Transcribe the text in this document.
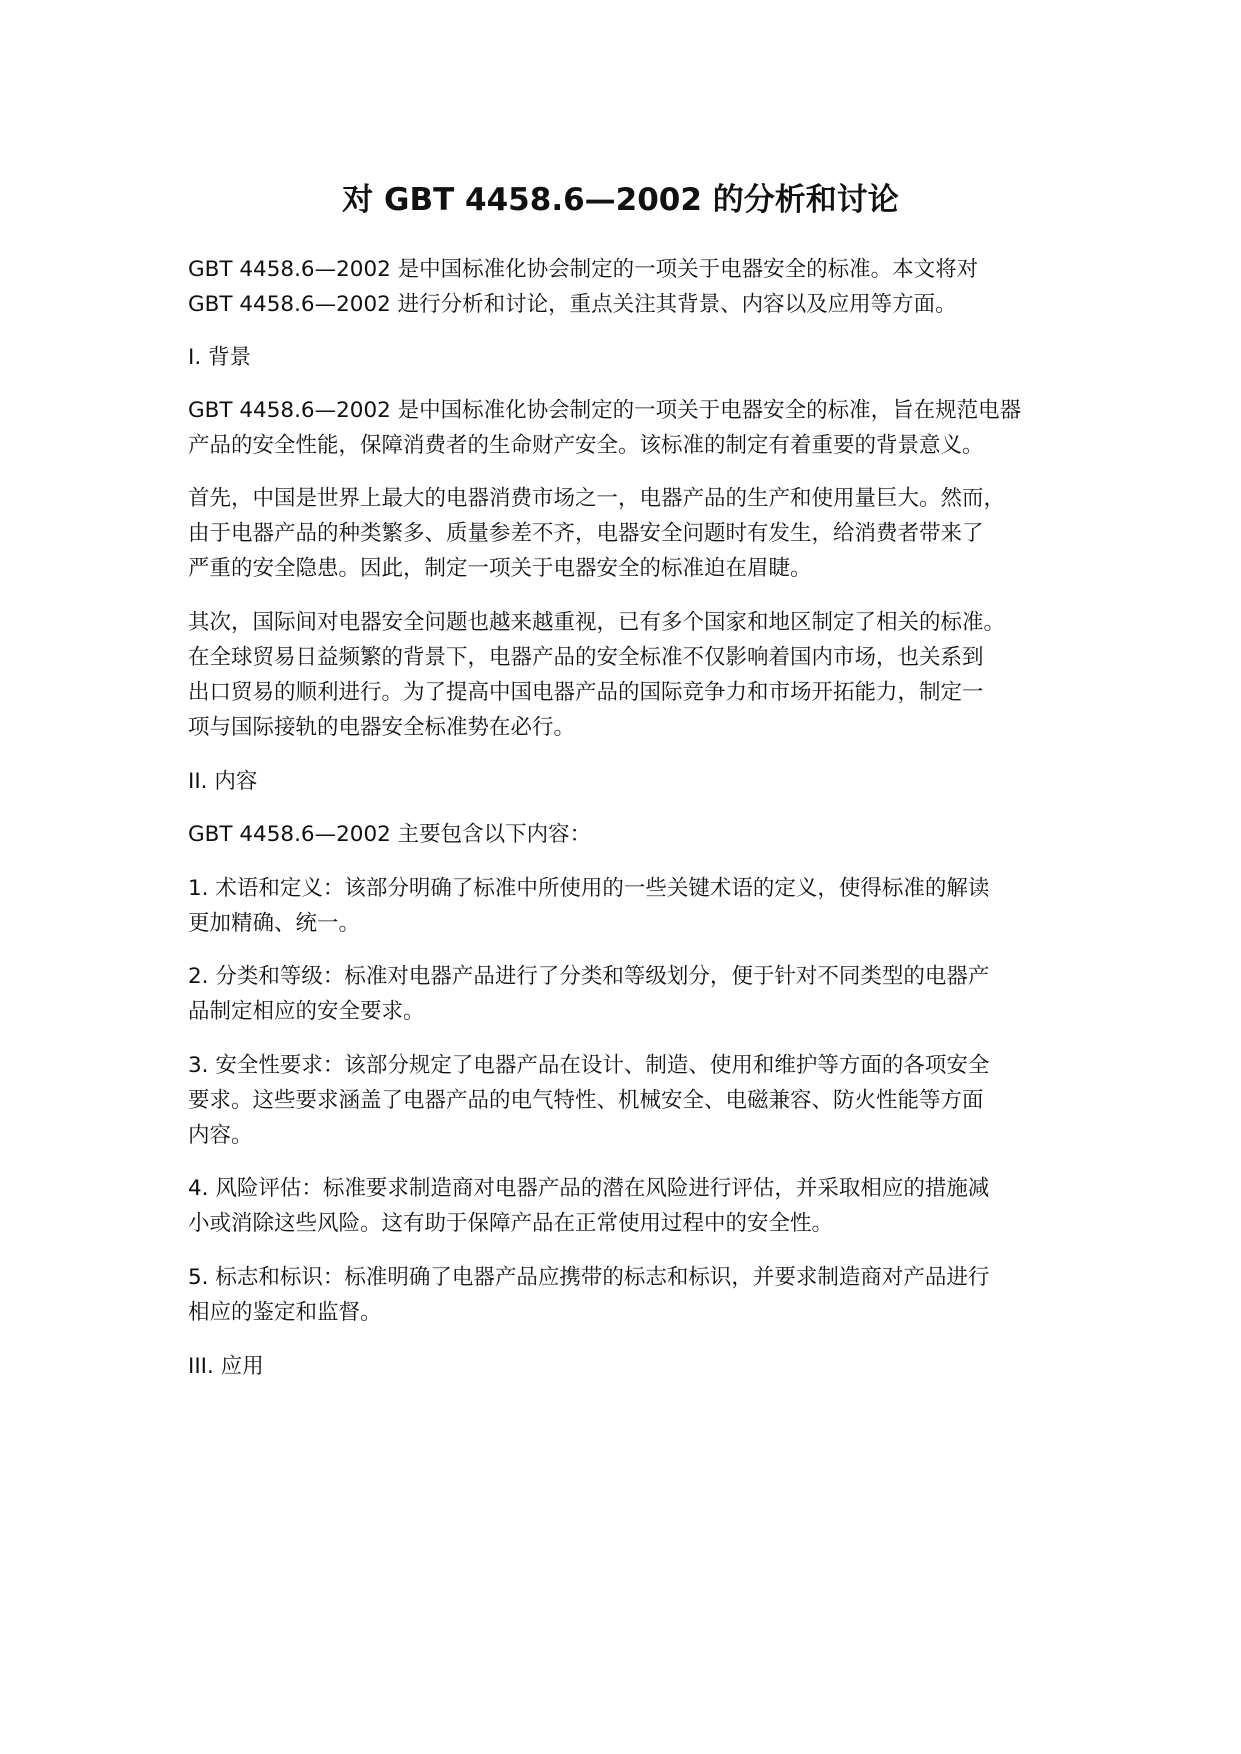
对 GBT 4458.6—2002 的分析和讨论
GBT 4458.6—2002 是中国标准化协会制定的一项关于电器安全的标准。本文将对
GBT 4458.6—2002 进行分析和讨论，重点关注其背景、内容以及应用等方面。
I. 背景
GBT 4458.6—2002 是中国标准化协会制定的一项关于电器安全的标准，旨在规范电器
产品的安全性能，保障消费者的生命财产安全。该标准的制定有着重要的背景意义。
首先，中国是世界上最大的电器消费市场之一，电器产品的生产和使用量巨大。然而，
由于电器产品的种类繁多、质量参差不齐，电器安全问题时有发生，给消费者带来了
严重的安全隐患。因此，制定一项关于电器安全的标准迫在眉睫。
其次，国际间对电器安全问题也越来越重视，已有多个国家和地区制定了相关的标准。
在全球贸易日益频繁的背景下，电器产品的安全标准不仅影响着国内市场，也关系到
出口贸易的顺利进行。为了提高中国电器产品的国际竞争力和市场开拓能力，制定一
项与国际接轨的电器安全标准势在必行。
II. 内容
GBT 4458.6—2002 主要包含以下内容：
1. 术语和定义：该部分明确了标准中所使用的一些关键术语的定义，使得标准的解读
更加精确、统一。
2. 分类和等级：标准对电器产品进行了分类和等级划分，便于针对不同类型的电器产
品制定相应的安全要求。
3. 安全性要求：该部分规定了电器产品在设计、制造、使用和维护等方面的各项安全
要求。这些要求涵盖了电器产品的电气特性、机械安全、电磁兼容、防火性能等方面
内容。
4. 风险评估：标准要求制造商对电器产品的潜在风险进行评估，并采取相应的措施减
小或消除这些风险。这有助于保障产品在正常使用过程中的安全性。
5. 标志和标识：标准明确了电器产品应携带的标志和标识，并要求制造商对产品进行
相应的鉴定和监督。
III. 应用
